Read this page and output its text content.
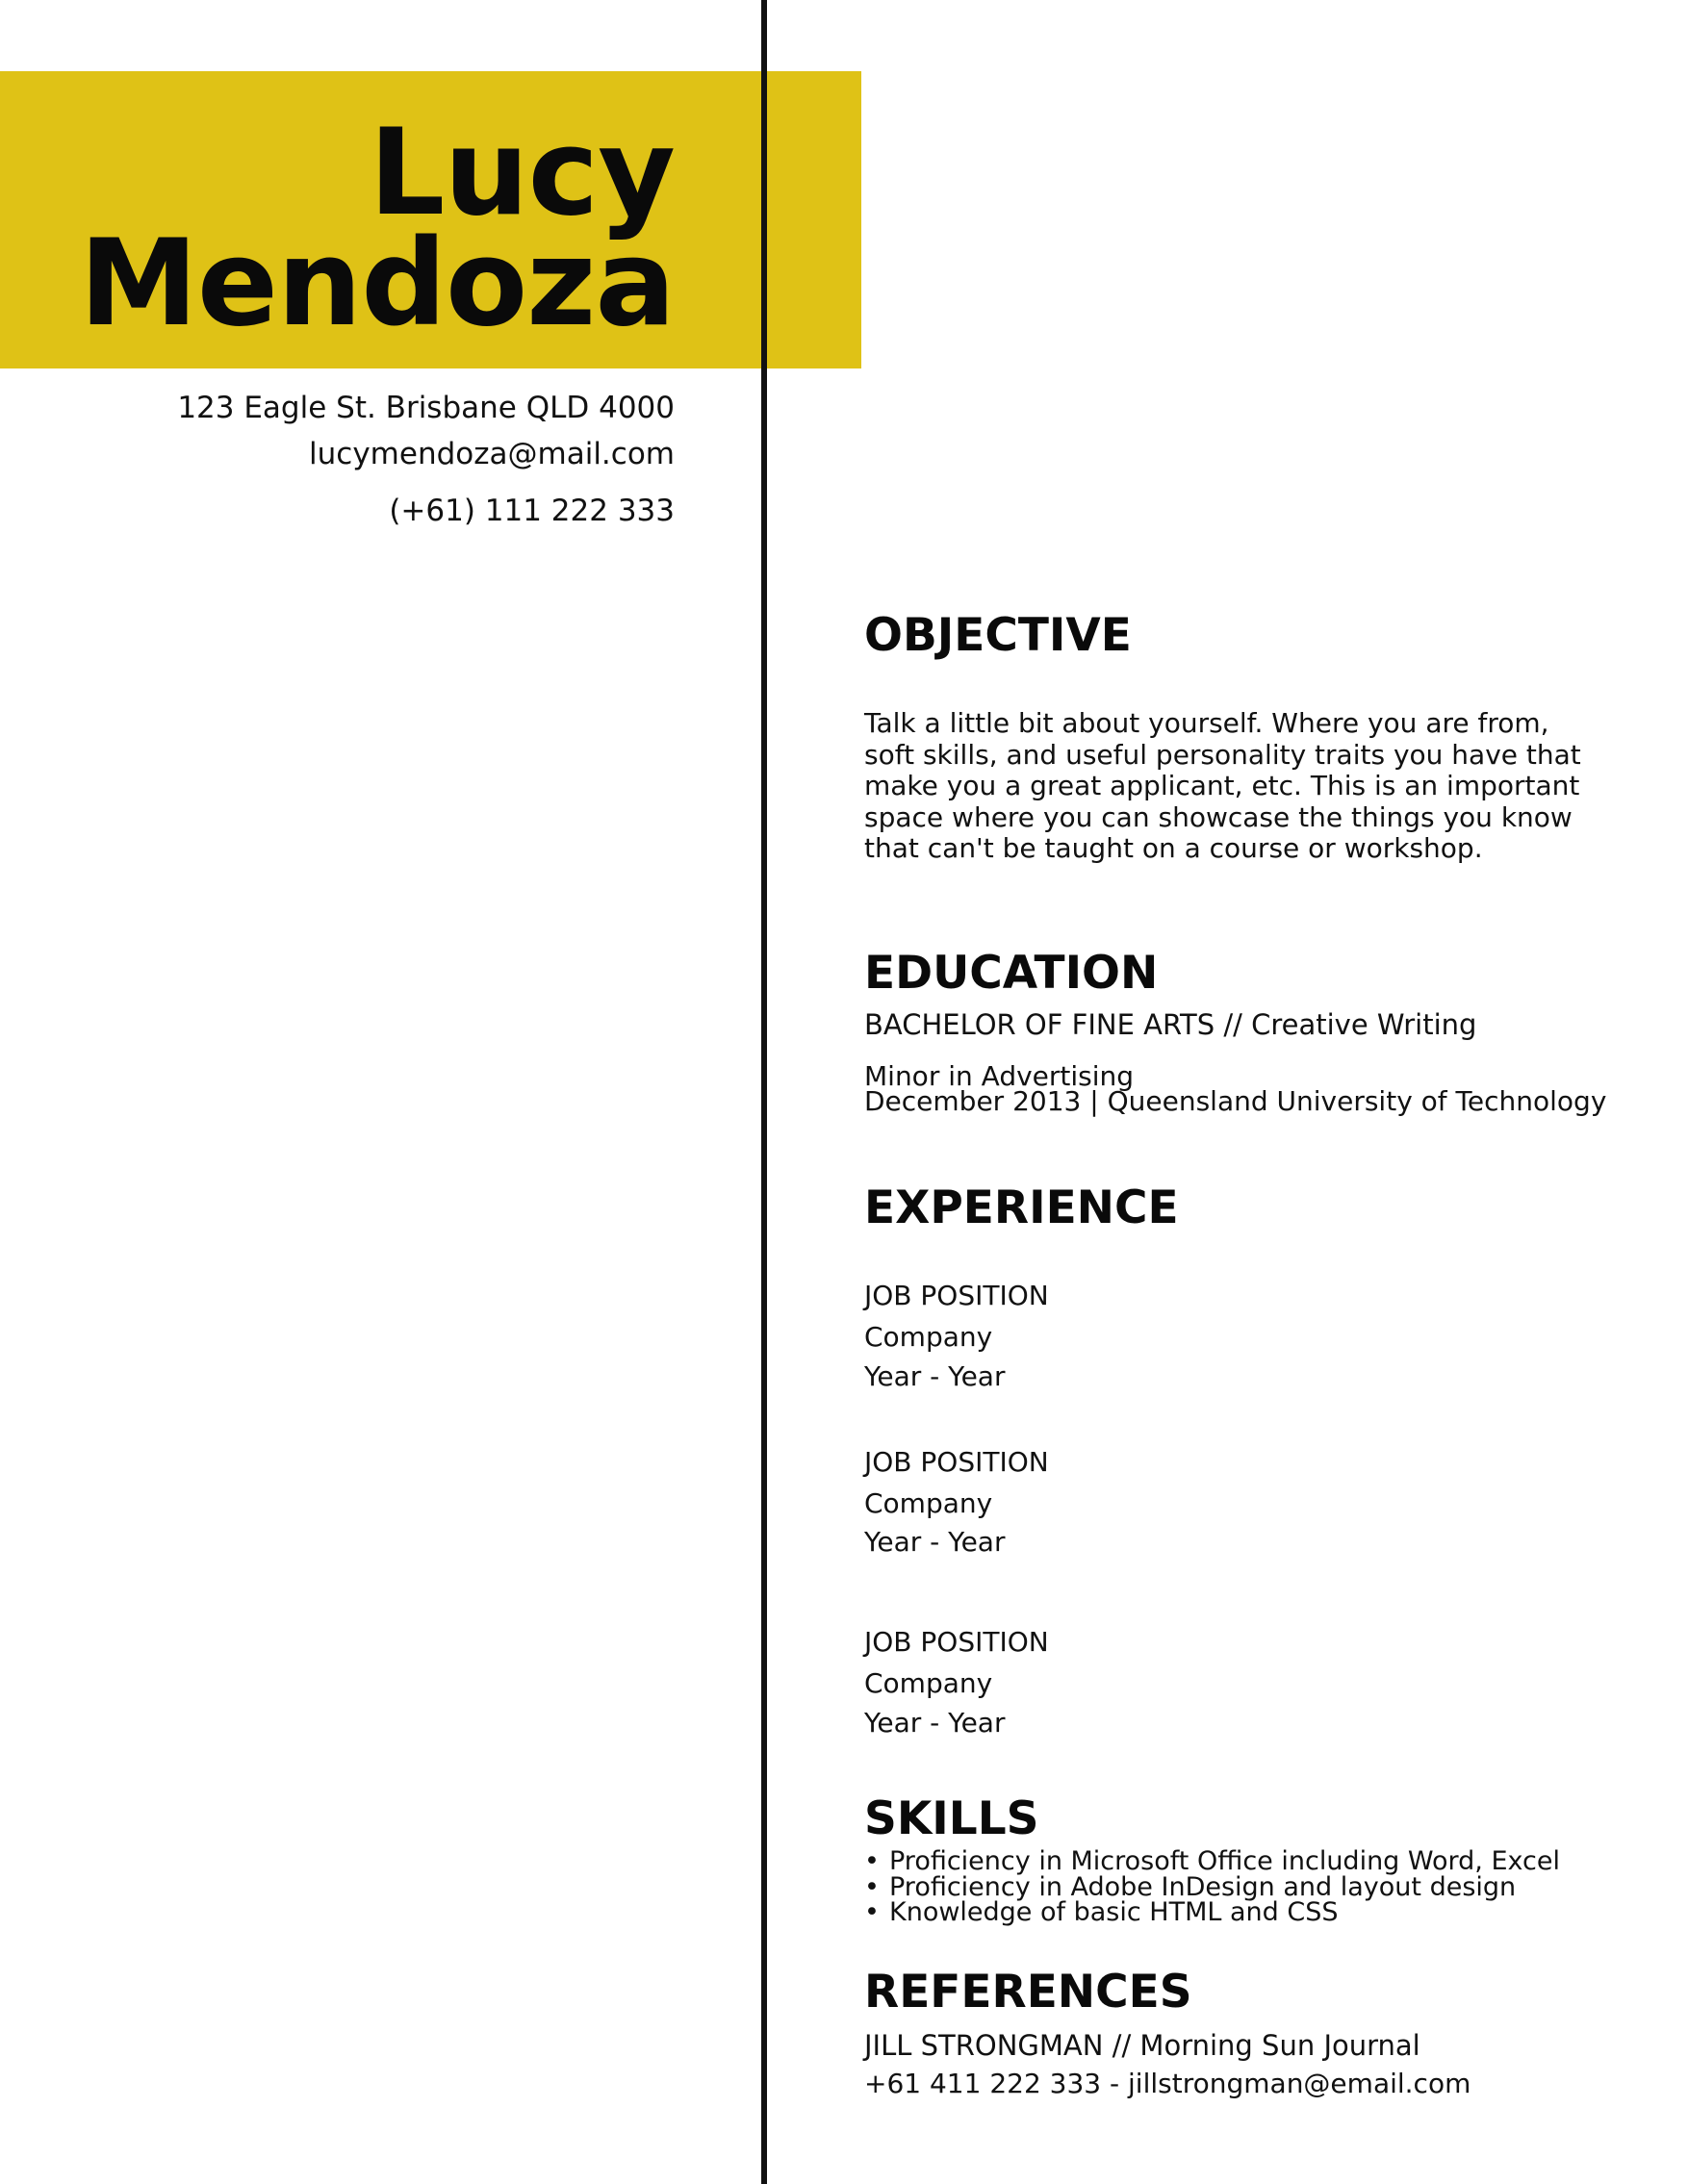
Lucy
Mendoza
123 Eagle St. Brisbane QLD 4000
lucymendoza@mail.com
(+61) 111 222 333
OBJECTIVE
Talk a little bit about yourself. Where you are from,
soft skills, and useful personality traits you have that
make you a great applicant, etc. This is an important
space where you can showcase the things you know
that can't be taught on a course or workshop.
EDUCATION
BACHELOR OF FINE ARTS // Creative Writing
Minor in Advertising
December 2013 | Queensland University of Technology
EXPERIENCE
JOB POSITION
Company
Year - Year
JOB POSITION
Company
Year - Year
JOB POSITION
Company
Year - Year
SKILLS
• Proficiency in Microsoft Office including Word, Excel
• Proficiency in Adobe InDesign and layout design
• Knowledge of basic HTML and CSS
REFERENCES
JILL STRONGMAN // Morning Sun Journal
+61 411 222 333 - jillstrongman@email.com
